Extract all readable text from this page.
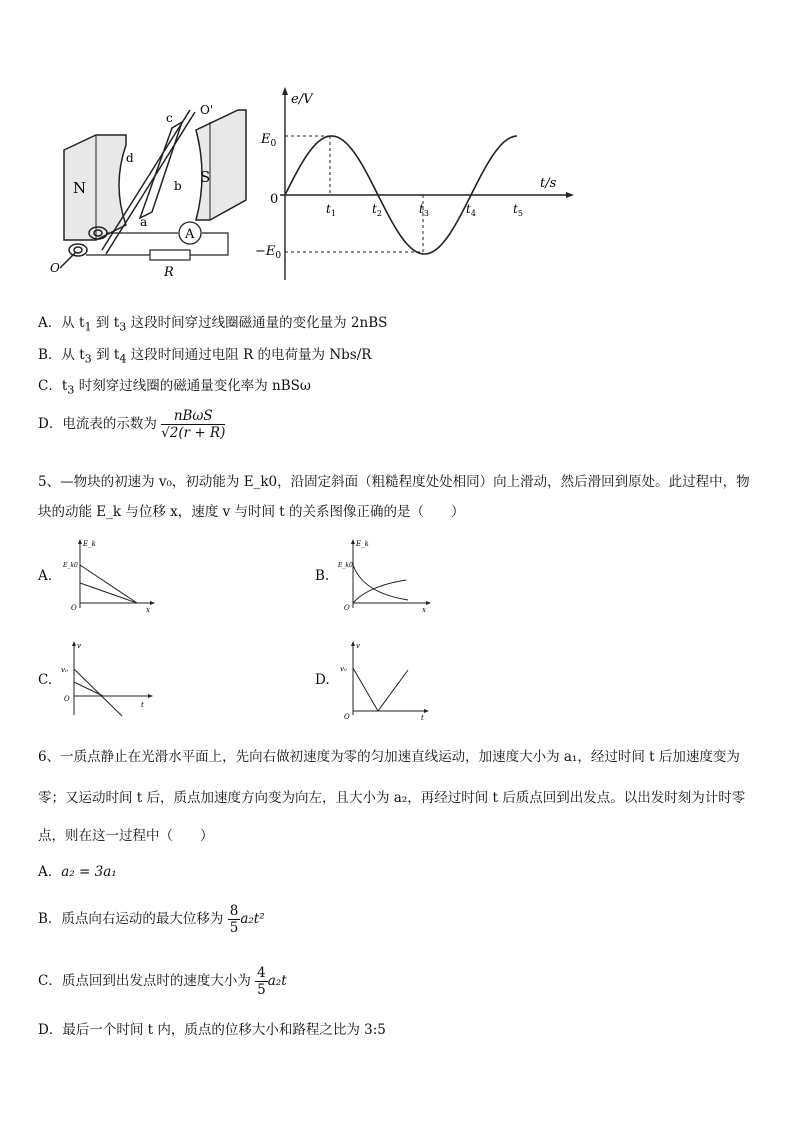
N
S
c
d
b
a
O'
O
A
R
e/V
t/s
0
$E_0$
$-E_0$
$t_1$	$t_2$	$t_3$	$t_4$	$t_5$
A．从 $t_1$ 到 $t_3$ 这段时间穿过线圈磁通量的变化量为 2nBS
B．从 $t_3$ 到 $t_4$ 这段时间通过电阻 R 的电荷量为 Nbs/R
C．$t_3$ 时刻穿过线圈的磁通量变化率为 nBSω
D．电流表的示数为 $\frac{\text{nBωS}}{√2(r + R)}$
5、—物块的初速为 v₀，初动能为 E_k0，沿固定斜面（粗糙程度处处相同）向上滑动，然后滑回到原处。此过程中，物
块的动能 E_k 与位移 x，速度 v 与时间 t 的关系图像正确的是（　　）
A.
E_k
E_k0
x
O
B.
E_k
E_k0
x
O
C.
v
v₀
t
O
D.
v
v₀
t
O
6、一质点静止在光滑水平面上，先向右做初速度为零的匀加速直线运动，加速度大小为 a₁，经过时间 t 后加速度变为
零；又运动时间 t 后，质点加速度方向变为向左，且大小为 a₂，再经过时间 t 后质点回到出发点。以出发时刻为计时零
点，则在这一过程中（　　）
A．a₂ = 3a₁
B．质点向右运动的最大位移为 $\frac{8}{5} a_2t^2$
C．质点回到出发点时的速度大小为 $\frac{4}{5} a_2t$
D．最后一个时间 t 内，质点的位移大小和路程之比为 3:5
